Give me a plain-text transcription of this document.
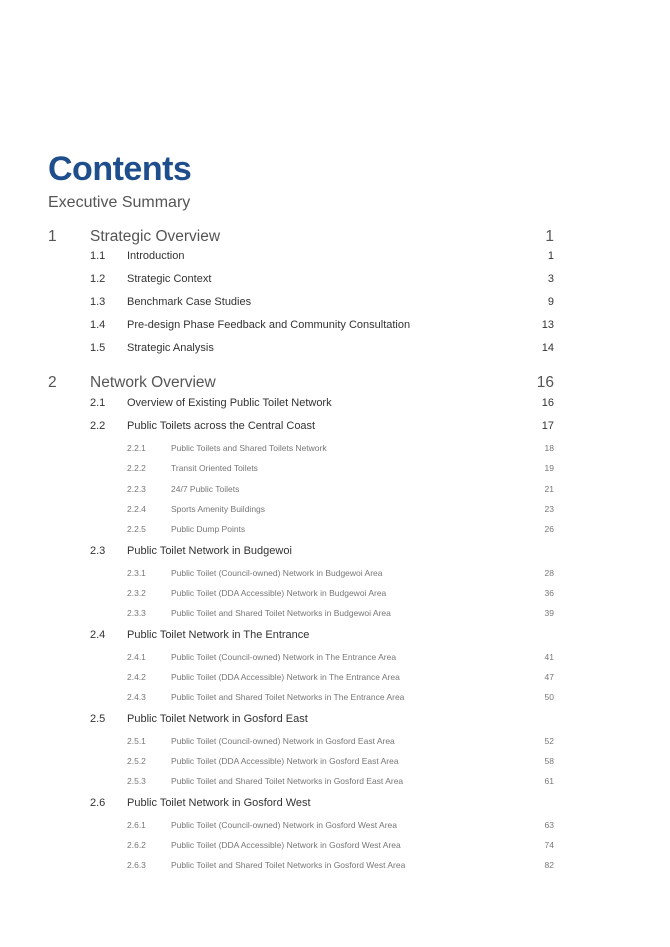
Contents
Executive Summary
1 Strategic Overview	1
1.1 Introduction	1
1.2 Strategic Context	3
1.3 Benchmark Case Studies	9
1.4 Pre-design Phase Feedback and Community Consultation	13
1.5 Strategic Analysis	14
2 Network Overview	16
2.1 Overview of Existing Public Toilet Network	16
2.2 Public Toilets across the Central Coast	17
2.2.1	Public Toilets and Shared Toilets Network	18
2.2.2	Transit Oriented Toilets	19
2.2.3	24/7 Public Toilets	21
2.2.4	Sports Amenity Buildings	23
2.2.5	Public Dump Points	26
2.3 Public Toilet Network in Budgewoi
2.3.1	Public Toilet (Council-owned) Network in Budgewoi Area	28
2.3.2	Public Toilet (DDA Accessible) Network in Budgewoi Area	36
2.3.3	Public Toilet and Shared Toilet Networks in Budgewoi Area	39
2.4 Public Toilet Network in The Entrance
2.4.1	Public Toilet (Council-owned) Network in The Entrance Area	41
2.4.2	Public Toilet (DDA Accessible) Network in The Entrance Area	47
2.4.3	Public Toilet and Shared Toilet Networks in The Entrance Area	50
2.5 Public Toilet Network in Gosford East
2.5.1	Public Toilet (Council-owned) Network in Gosford East Area	52
2.5.2	Public Toilet (DDA Accessible) Network in Gosford East Area	58
2.5.3	Public Toilet and Shared Toilet Networks in Gosford East Area	61
2.6 Public Toilet Network in Gosford West
2.6.1	Public Toilet (Council-owned) Network in Gosford West Area	63
2.6.2	Public Toilet (DDA Accessible) Network in Gosford West Area	74
2.6.3	Public Toilet and Shared Toilet Networks in Gosford West Area	82
